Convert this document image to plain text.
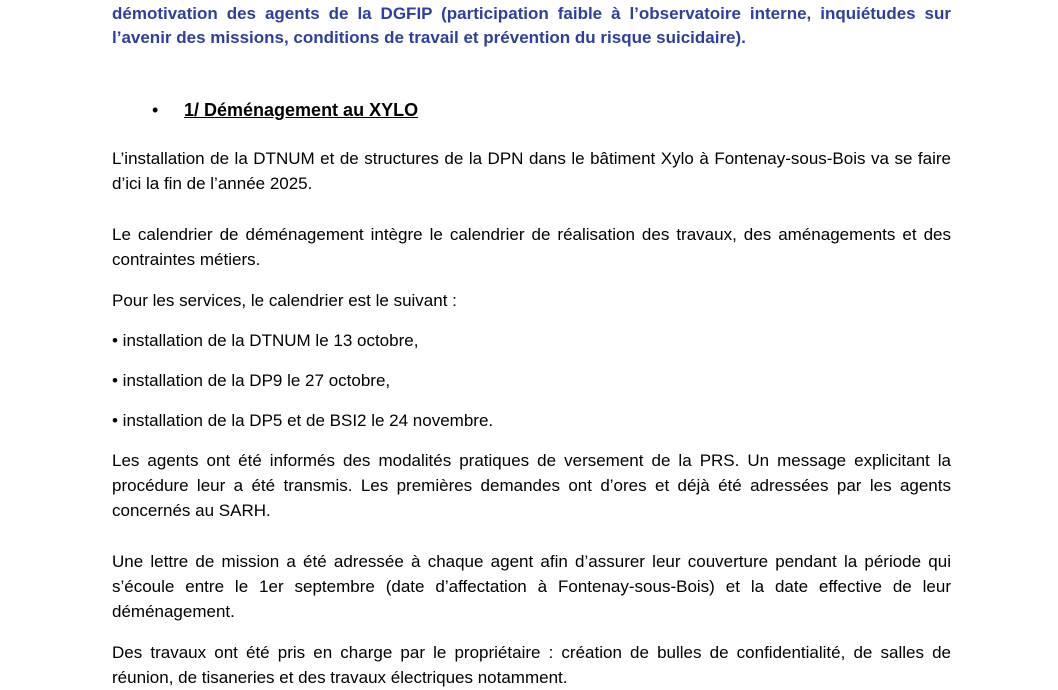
démotivation des agents de la DGFIP (participation faible à l’observatoire interne, inquiétudes sur l’avenir des missions, conditions de travail et prévention du risque suicidaire).

• 1/ Déménagement au XYLO

L’installation de la DTNUM et de structures de la DPN dans le bâtiment Xylo à Fontenay-sous-Bois va se faire d’ici la fin de l’année 2025.

Le calendrier de déménagement intègre le calendrier de réalisation des travaux, des aménagements et des contraintes métiers.

Pour les services, le calendrier est le suivant :

• installation de la DTNUM le 13 octobre,

• installation de la DP9 le 27 octobre,

• installation de la DP5 et de BSI2 le 24 novembre.

Les agents ont été informés des modalités pratiques de versement de la PRS. Un message explicitant la procédure leur a été transmis. Les premières demandes ont d’ores et déjà été adressées par les agents concernés au SARH.

Une lettre de mission a été adressée à chaque agent afin d’assurer leur couverture pendant la période qui s’écoule entre le 1er septembre (date d’affectation à Fontenay-sous-Bois) et la date effective de leur déménagement.

Des travaux ont été pris en charge par le propriétaire : création de bulles de confidentialité, de salles de réunion, de tisaneries et des travaux électriques notamment.
